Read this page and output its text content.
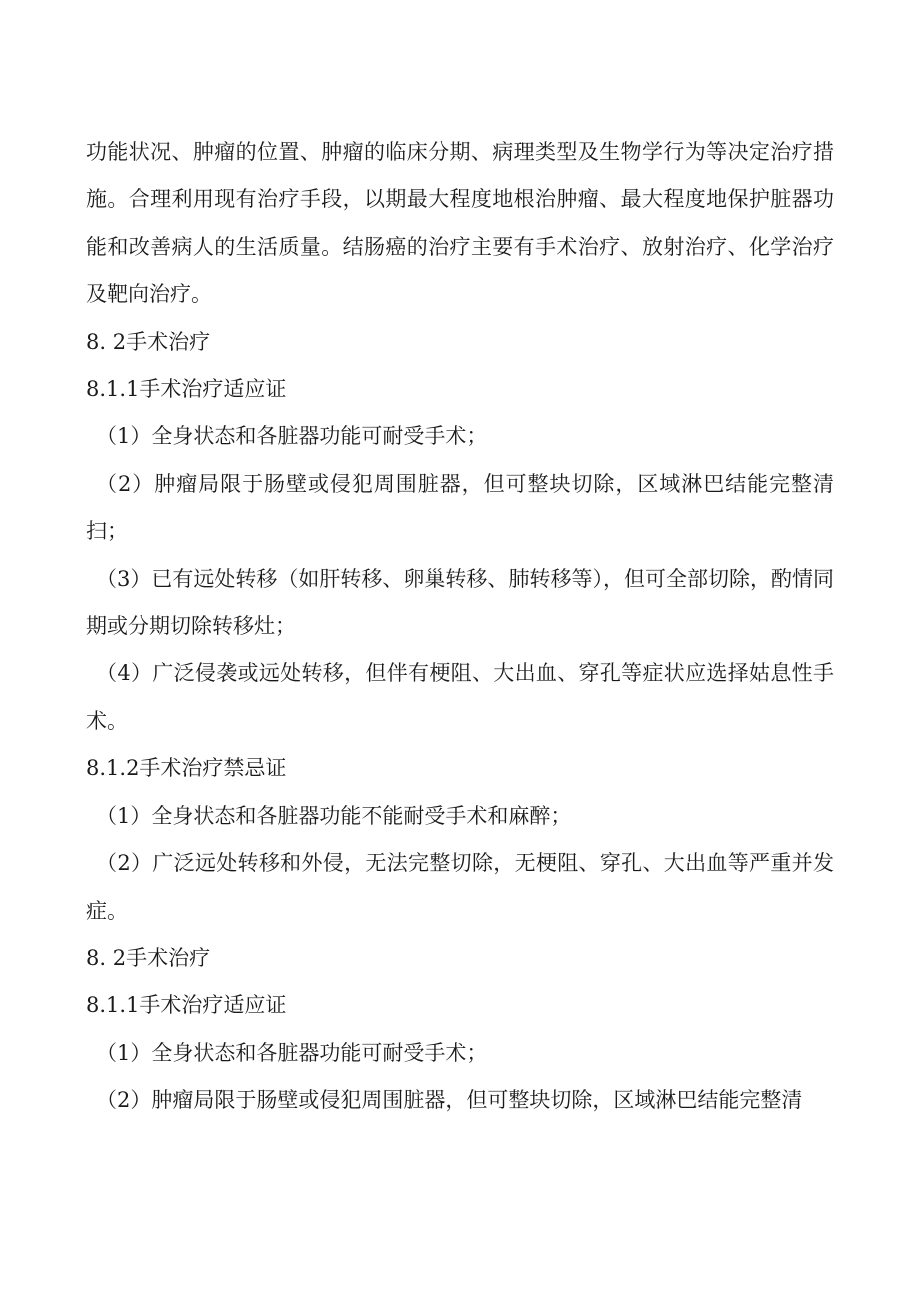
功能状况、肿瘤的位置、肿瘤的临床分期、病理类型及生物学行为等决定治疗措施。合理利用现有治疗手段，以期最大程度地根治肿瘤、最大程度地保护脏器功能和改善病人的生活质量。结肠癌的治疗主要有手术治疗、放射治疗、化学治疗及靶向治疗。

8. 2手术治疗

8.1.1手术治疗适应证

（1）全身状态和各脏器功能可耐受手术；

（2）肿瘤局限于肠壁或侵犯周围脏器，但可整块切除，区域淋巴结能完整清扫；

（3）已有远处转移（如肝转移、卵巢转移、肺转移等），但可全部切除，酌情同期或分期切除转移灶；

（4）广泛侵袭或远处转移，但伴有梗阻、大出血、穿孔等症状应选择姑息性手术。

8.1.2手术治疗禁忌证

（1）全身状态和各脏器功能不能耐受手术和麻醉；

（2）广泛远处转移和外侵，无法完整切除，无梗阻、穿孔、大出血等严重并发症。

8. 2手术治疗

8.1.1手术治疗适应证

（1）全身状态和各脏器功能可耐受手术；

（2）肿瘤局限于肠壁或侵犯周围脏器，但可整块切除，区域淋巴结能完整清
